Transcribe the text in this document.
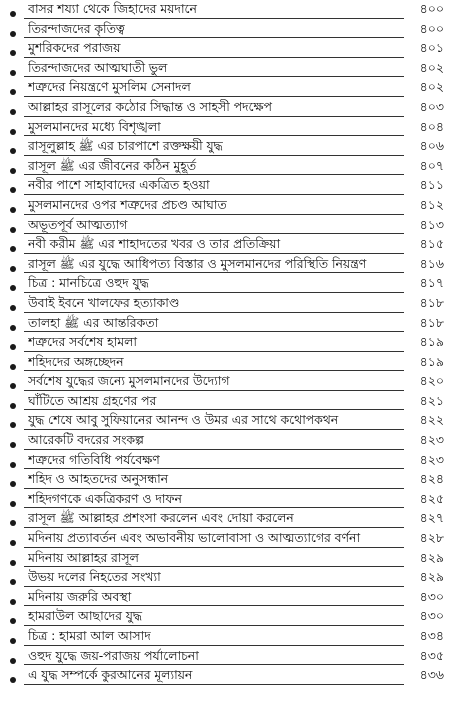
বাসর শয্যা থেকে জিহাদের ময়দানে	৪০০
তিরন্দাজদের কৃতিত্ব	৪০০
মুশরিকদের পরাজয়	৪০১
তিরন্দাজদের আত্মঘাতী ভুল	৪০২
শত্রুদের নিয়ন্ত্রণে মুসলিম সেনাদল	৪০২
আল্লাহর রাসূলের কঠোর সিদ্ধান্ত ও সাহসী পদক্ষেপ	৪০৩
মুসলমানদের মধ্যে বিশৃঙ্খলা	৪০৪
রাসূলুল্লাহ ﷺ এর চারপাশে রক্তক্ষয়ী যুদ্ধ	৪০৬
রাসূল ﷺ এর জীবনের কঠিন মুহূর্ত	৪০৭
নবীর পাশে সাহাবাদের একত্রিত হওয়া	৪১১
মুসলমানদের ওপর শত্রুদের প্রচণ্ড আঘাত	৪১২
অভূতপূর্ব আত্মত্যাগ	৪১৩
নবী করীম ﷺ এর শাহাদতের খবর ও তার প্রতিক্রিয়া	৪১৫
রাসূল ﷺ এর যুদ্ধে আধিপত্য বিস্তার ও মুসলমানদের পরিস্থিতি নিয়ন্ত্রণ	৪১৬
চিত্র : মানচিত্রে ওহুদ যুদ্ধ	৪১৭
উবাই ইবনে খালফের হত্যাকাণ্ড	৪১৮
তালহা ﷺ এর আন্তরিকতা	৪১৮
শত্রুদের সর্বশেষ হামলা	৪১৯
শহিদদের অঙ্গচ্ছেদন	৪১৯
সর্বশেষ যুদ্ধের জন্যে মুসলমানদের উদ্যোগ	৪২০
ঘাঁটিতে আশ্রয় গ্রহণের পর	৪২১
যুদ্ধ শেষে আবু সুফিয়ানের আনন্দ ও উমর এর সাথে কথোপকথন	৪২২
আরেকটি বদরের সংকল্প	৪২৩
শত্রুদের গতিবিধি পর্যবেক্ষণ	৪২৩
শহিদ ও আহতদের অনুসন্ধান	৪২৪
শহিদগণকে একত্রিকরণ ও দাফন	৪২৫
রাসূল ﷺ আল্লাহর প্রশংসা করলেন এবং দোয়া করলেন	৪২৭
মদিনায় প্রত্যাবর্তন এবং অভাবনীয় ভালোবাসা ও আত্মত্যাগের বর্ণনা	৪২৮
মদিনায় আল্লাহর রাসূল	৪২৯
উভয় দলের নিহতের সংখ্যা	৪২৯
মদিনায় জরুরি অবস্থা	৪৩০
হামরাউল আছাদের যুদ্ধ	৪৩০
চিত্র : হামরা আল আসাদ	৪৩৪
ওহুদ যুদ্ধে জয়-পরাজয় পর্যালোচনা	৪৩৫
এ যুদ্ধ সম্পর্কে কুরআনের মূল্যায়ন	৪৩৬
